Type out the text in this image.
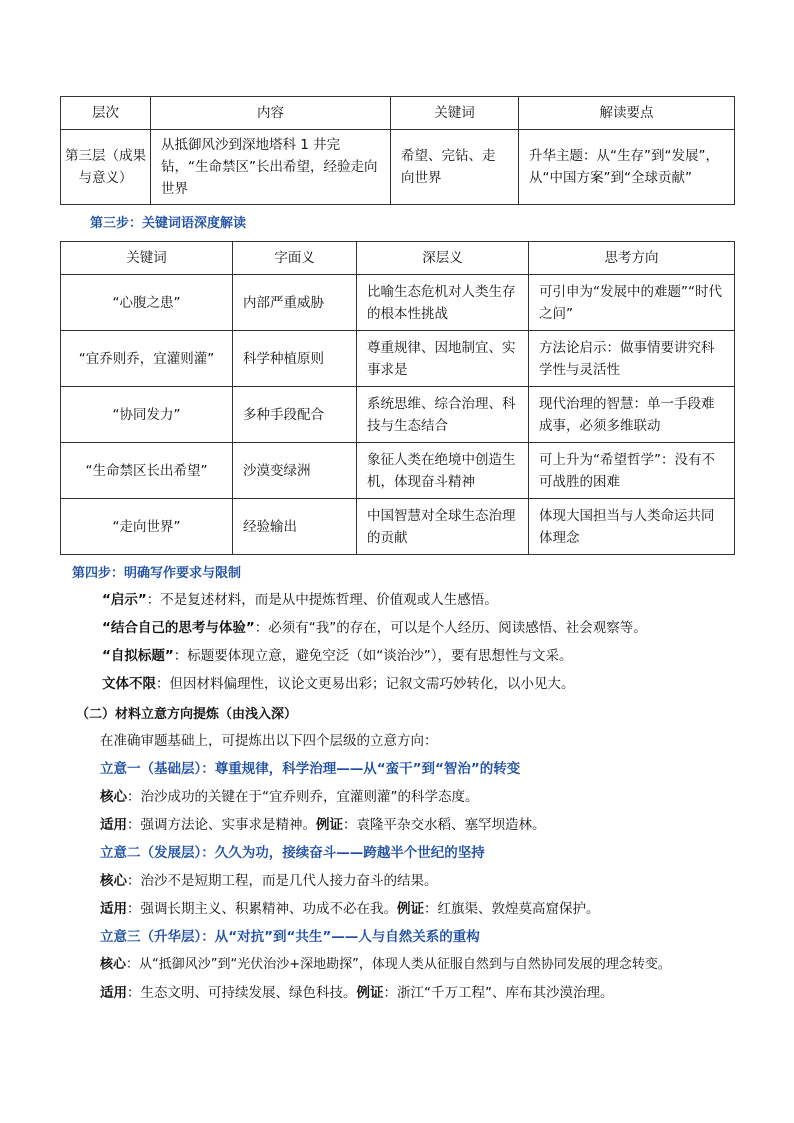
层次	内容	关键词	解读要点
第三层（成果与意义）	从抵御风沙到深地塔科 1 井完钻，“生命禁区”长出希望，经验走向世界	希望、完钻、走向世界	升华主题：从“生存”到“发展”，从“中国方案”到“全球贡献”
第三步：关键词语深度解读
关键词	字面义	深层义	思考方向
“心腹之患”	内部严重威胁	比喻生态危机对人类生存的根本性挑战	可引申为“发展中的难题”“时代之问”
“宜乔则乔，宜灌则灌”	科学种植原则	尊重规律、因地制宜、实事求是	方法论启示：做事情要讲究科学性与灵活性
“协同发力”	多种手段配合	系统思维、综合治理、科技与生态结合	现代治理的智慧：单一手段难成事，必须多维联动
“生命禁区长出希望”	沙漠变绿洲	象征人类在绝境中创造生机，体现奋斗精神	可上升为“希望哲学”：没有不可战胜的困难
“走向世界”	经验输出	中国智慧对全球生态治理的贡献	体现大国担当与人类命运共同体理念
第四步：明确写作要求与限制
“启示”：不是复述材料，而是从中提炼哲理、价值观或人生感悟。
“结合自己的思考与体验”：必须有“我”的存在，可以是个人经历、阅读感悟、社会观察等。
“自拟标题”：标题要体现立意，避免空泛（如“谈治沙”），要有思想性与文采。
文体不限：但因材料偏理性，议论文更易出彩；记叙文需巧妙转化，以小见大。
（二）材料立意方向提炼（由浅入深）
在准确审题基础上，可提炼出以下四个层级的立意方向：
立意一（基础层）：尊重规律，科学治理——从“蛮干”到“智治”的转变
核心：治沙成功的关键在于“宜乔则乔，宜灌则灌”的科学态度。
适用：强调方法论、实事求是精神。例证：袁隆平杂交水稻、塞罕坝造林。
立意二（发展层）：久久为功，接续奋斗——跨越半个世纪的坚持
核心：治沙不是短期工程，而是几代人接力奋斗的结果。
适用：强调长期主义、积累精神、功成不必在我。例证：红旗渠、敦煌莫高窟保护。
立意三（升华层）：从“对抗”到“共生”——人与自然关系的重构
核心：从“抵御风沙”到“光伏治沙+深地勘探”，体现人类从征服自然到与自然协同发展的理念转变。
适用：生态文明、可持续发展、绿色科技。例证：浙江“千万工程”、库布其沙漠治理。
